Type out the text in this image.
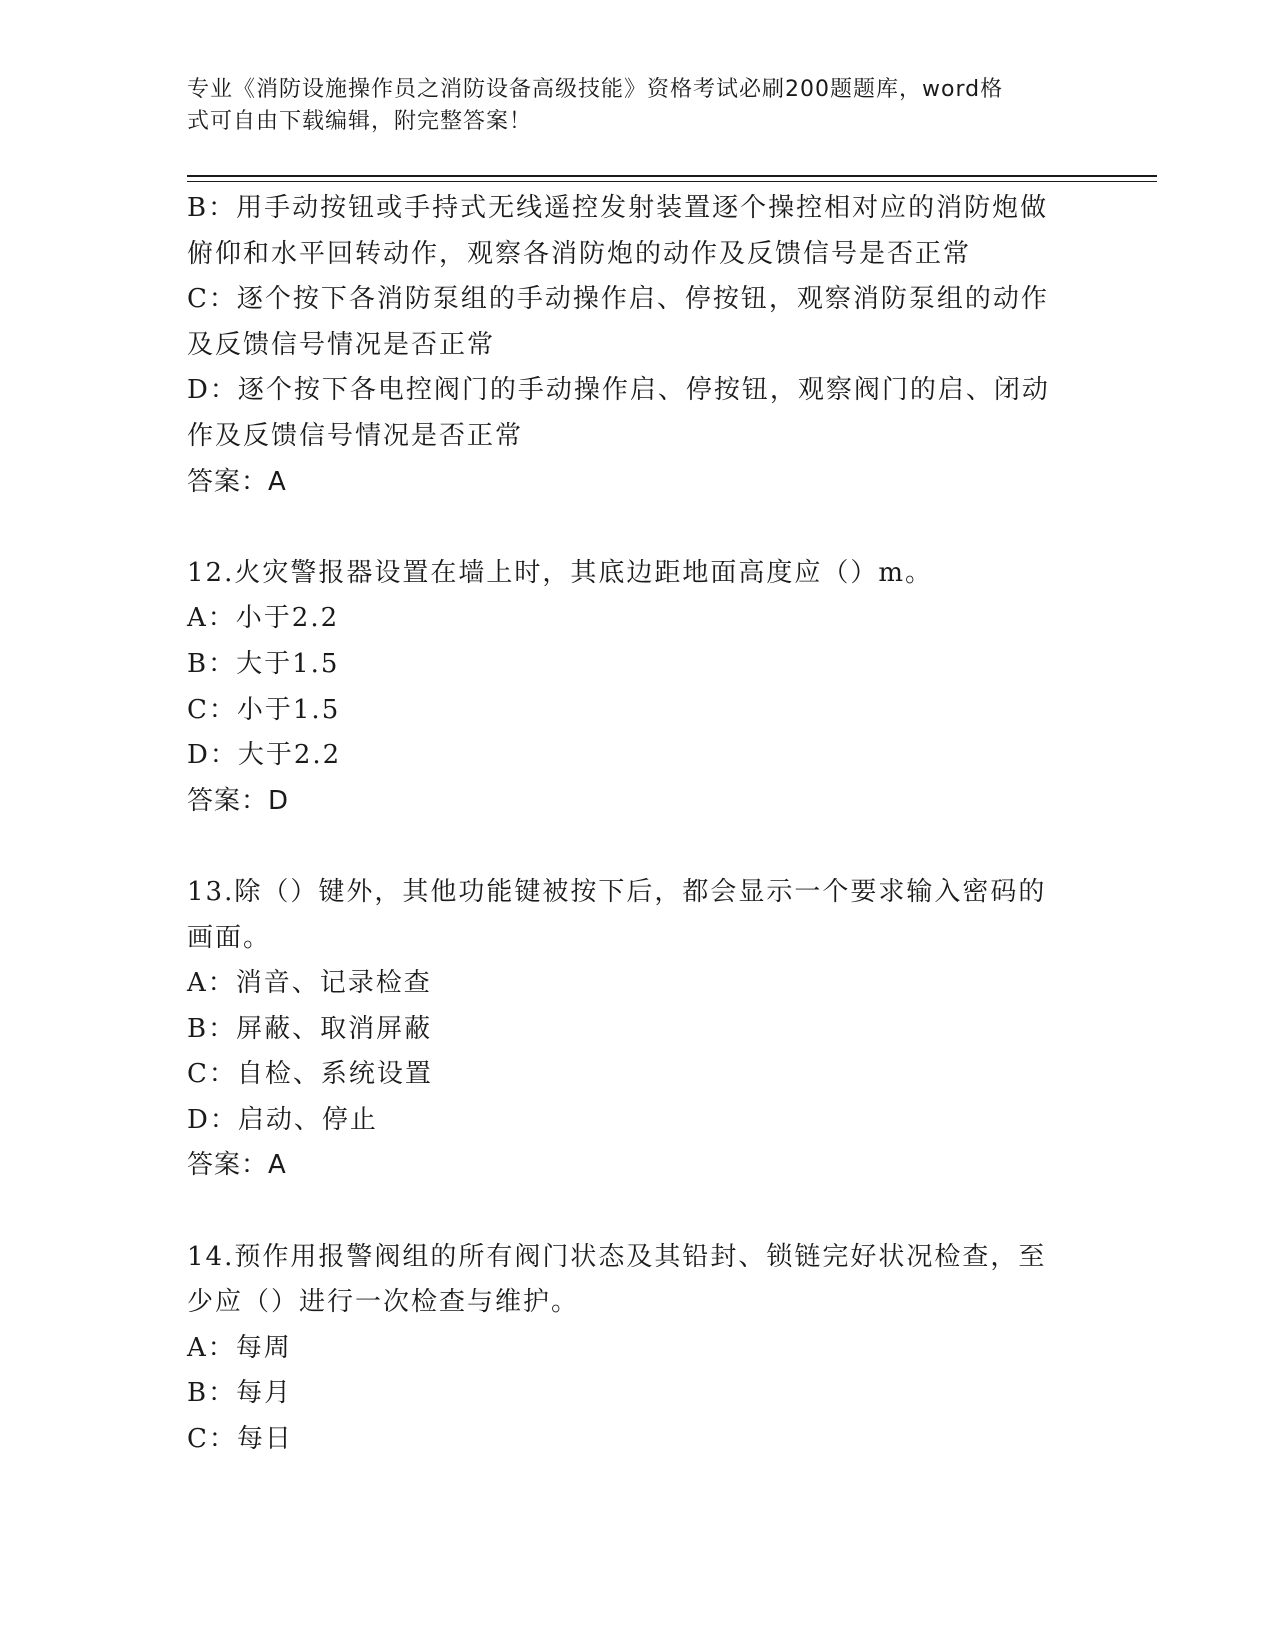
专业《消防设施操作员之消防设备高级技能》资格考试必刷200题题库，word格
式可自由下载编辑，附完整答案！
B：用手动按钮或手持式无线遥控发射装置逐个操控相对应的消防炮做
俯仰和水平回转动作，观察各消防炮的动作及反馈信号是否正常
C：逐个按下各消防泵组的手动操作启、停按钮，观察消防泵组的动作
及反馈信号情况是否正常
D：逐个按下各电控阀门的手动操作启、停按钮，观察阀门的启、闭动
作及反馈信号情况是否正常
答案：A
12.火灾警报器设置在墙上时，其底边距地面高度应（）m。
A：小于2.2
B：大于1.5
C：小于1.5
D：大于2.2
答案：D
13.除（）键外，其他功能键被按下后，都会显示一个要求输入密码的
画面。
A：消音、记录检查
B：屏蔽、取消屏蔽
C：自检、系统设置
D：启动、停止
答案：A
14.预作用报警阀组的所有阀门状态及其铅封、锁链完好状况检查，至
少应（）进行一次检查与维护。
A：每周
B：每月
C：每日
